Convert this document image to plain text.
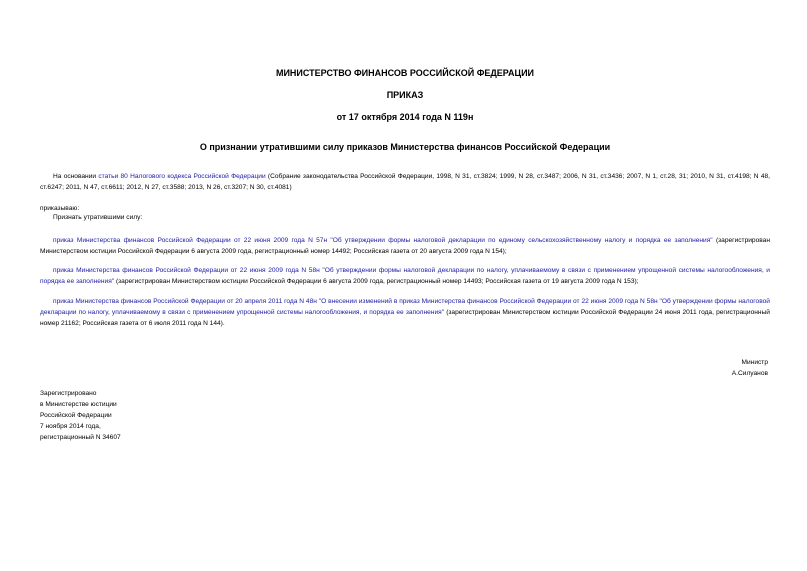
МИНИСТЕРСТВО ФИНАНСОВ РОССИЙСКОЙ ФЕДЕРАЦИИ
ПРИКАЗ
от 17 октября 2014 года N 119н
О признании утратившими силу приказов Министерства финансов Российской Федерации
На основании статьи 80 Налогового кодекса Российской Федерации (Собрание законодательства Российской Федерации, 1998, N 31, ст.3824; 1999, N 28, ст.3487; 2006, N 31, ст.3436; 2007, N 1, ст.28, 31; 2010, N 31, ст.4198; N 48, ст.6247; 2011, N 47, ст.6611; 2012, N 27, ст.3588; 2013, N 26, ст.3207; N 30, ст.4081)
приказываю:
Признать утратившими силу:
приказ Министерства финансов Российской Федерации от 22 июня 2009 года N 57н "Об утверждении формы налоговой декларации по единому сельскохозяйственному налогу и порядка ее заполнения" (зарегистрирован Министерством юстиции Российской Федерации 6 августа 2009 года, регистрационный номер 14492; Российская газета от 20 августа 2009 года N 154);
приказ Министерства финансов Российской Федерации от 22 июня 2009 года N 58н "Об утверждении формы налоговой декларации по налогу, уплачиваемому в связи с применением упрощенной системы налогообложения, и порядка ее заполнения" (зарегистрирован Министерством юстиции Российской Федерации 6 августа 2009 года, регистрационный номер 14493; Российская газета от 19 августа 2009 года N 153);
приказ Министерства финансов Российской Федерации от 20 апреля 2011 года N 48н "О внесении изменений в приказ Министерства финансов Российской Федерации от 22 июня 2009 года N 58н "Об утверждении формы налоговой декларации по налогу, уплачиваемому в связи с применением упрощенной системы налогообложения, и порядка ее заполнения" (зарегистрирован Министерством юстиции Российской Федерации 24 июня 2011 года, регистрационный номер 21162; Российская газета от 6 июля 2011 года N 144).
Министр
А.Силуанов
Зарегистрировано
в Министерстве юстиции
Российской Федерации
7 ноября 2014 года,
регистрационный N 34607
